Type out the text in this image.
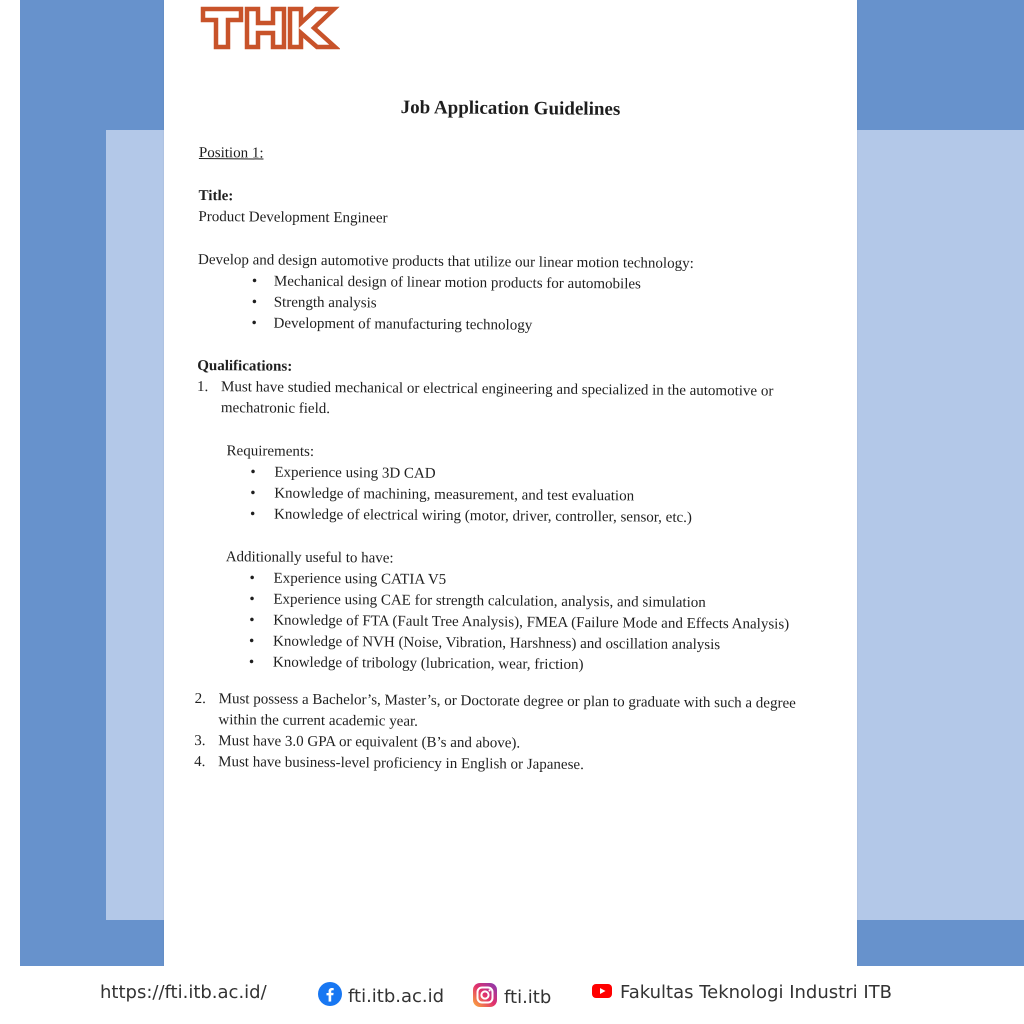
Job Application Guidelines

Position 1:

Title:

Product Development Engineer

Develop and design automotive products that utilize our linear motion technology:

• Mechanical design of linear motion products for automobiles
• Strength analysis
• Development of manufacturing technology

Qualifications:

1. Must have studied mechanical or electrical engineering and specialized in the automotive or mechatronic field.

Requirements:

• Experience using 3D CAD
• Knowledge of machining, measurement, and test evaluation
• Knowledge of electrical wiring (motor, driver, controller, sensor, etc.)

Additionally useful to have:

• Experience using CATIA V5
• Experience using CAE for strength calculation, analysis, and simulation
• Knowledge of FTA (Fault Tree Analysis), FMEA (Failure Mode and Effects Analysis)
• Knowledge of NVH (Noise, Vibration, Harshness) and oscillation analysis
• Knowledge of tribology (lubrication, wear, friction)
2. Must possess a Bachelor’s, Master’s, or Doctorate degree or plan to graduate with such a degree within the current academic year.
3. Must have 3.0 GPA or equivalent (B’s and above).
4. Must have business-level proficiency in English or Japanese.
https://fti.itb.ac.id/	fti.itb.ac.id	fti.itb	Fakultas Teknologi Industri ITB
